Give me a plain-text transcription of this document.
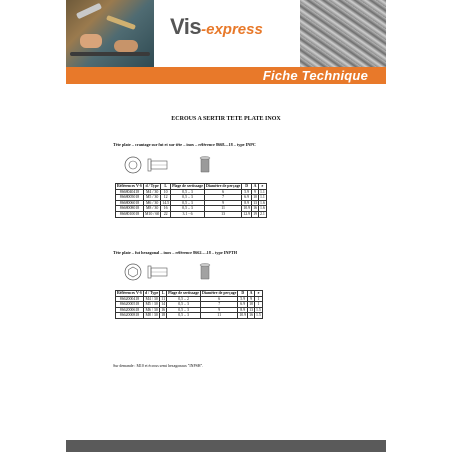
Vis-express
Fiche Technique
ECROUS A SERTIR TETE PLATE INOX
Tête plate – crantage sur fut et sur tête – inox – référence 8668....18 – type INPC
Références V-S	d / Type	L	Plage de sertissage	Diamètre de perçage	D	A	e
8668040418	M4 / 30	10	0,5 – 3	6	5.9	9	1.1
8668005018	M5 / 30	12	0,5 – 3	7	6.9	10	1.1
8668006018	M6 / 30	14.5	0,5 – 3	9	8.9	13	1.6
8668008018	M8 / 30	16	0,5 – 3	11	10.9	16	1.6
8668010018	M10 / 60	22	3.1 - 6	13	12.9	19	2.1
Tête plate – fut hexagonal – inox – référence 8662….18 – type INPTH
Références V-S	d / Type	L	Plage de sertissage	Diamètre de perçage	D	A	e
8662000418	M4 / 30	11	0,5 – 2	6	5.9	9	1
8662000518	M5 / 30	14	0,5 – 3	7	6.9	10	1
8662000618	M6 / 30	16	0,5 – 3	9	8.9	13	1.5
8662000818	M8 / 30	18	0,5 – 3	11	10.9	16	1.5
Sur demande : M10 et écrous semi hexagonaux "INPSH".
